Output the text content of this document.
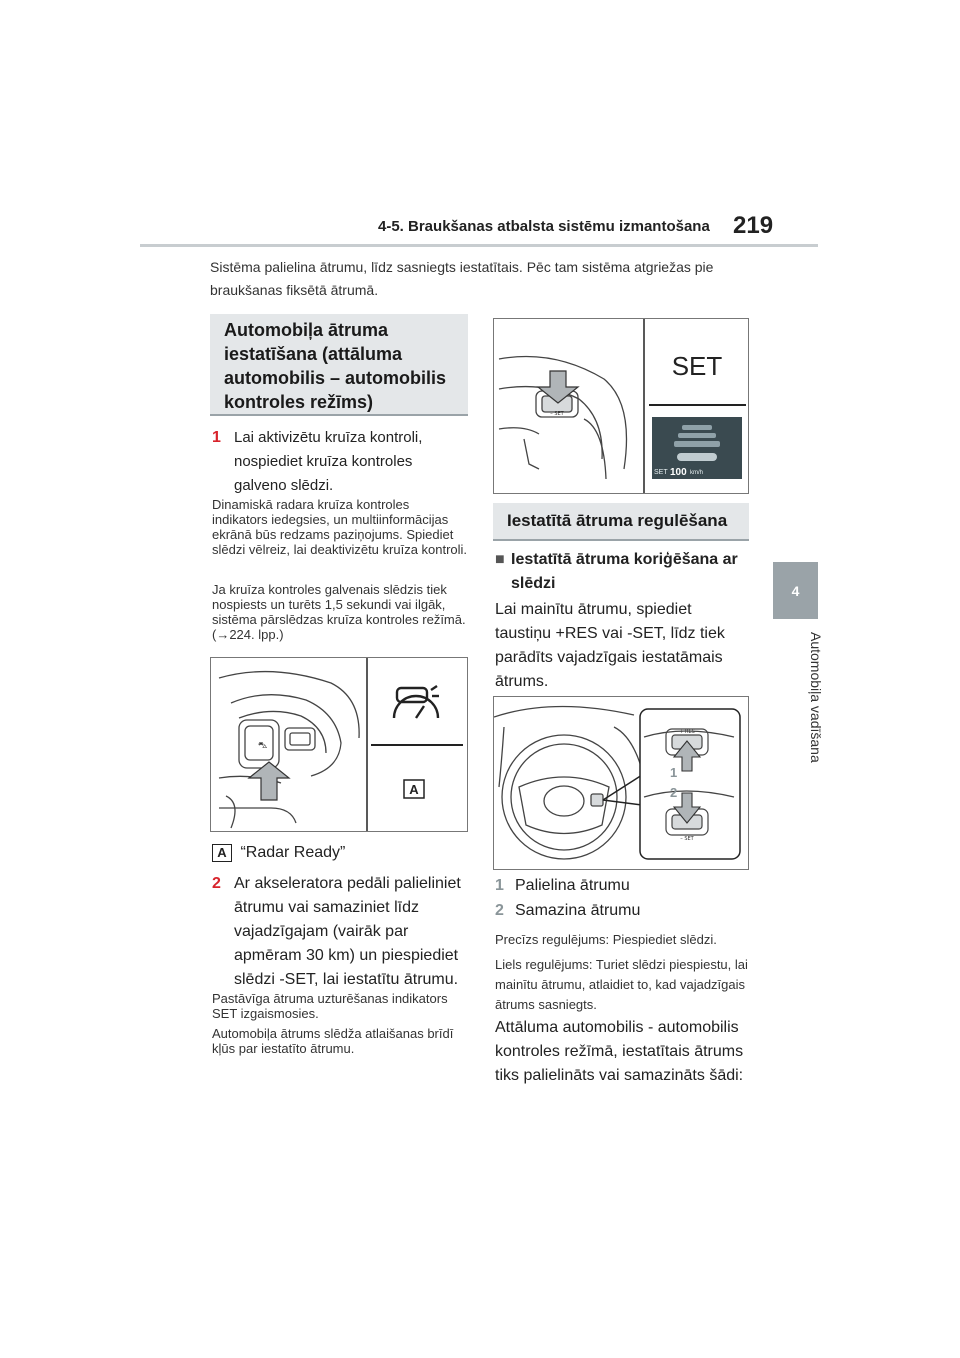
4-5. Braukšanas atbalsta sistēmu izmantošana 219
4
Automobiļa vadīšana
Sistēma palielina ātrumu, līdz sasniegts iestatītais. Pēc tam sistēma atgriežas pie braukšanas fiksētā ātrumā.
Automobiļa ātruma iestatīšana (attāluma automobilis – automobilis kontroles režīms)
1 Lai aktivizētu kruīza kontroli, nospiediet kruīza kontroles galveno slēdzi.
Dinamiskā radara kruīza kontroles indikators iedegsies, un multiinformācijas ekrānā būs redzams paziņojums. Spiediet slēdzi vēlreiz, lai deaktivizētu kruīza kontroli.
Ja kruīza kontroles galvenais slēdzis tiek nospiests un turēts 1,5 sekundi vai ilgāk, sistēma pārslēdzas kruīza kontroles režīmā. (→224. lpp.)
⛍
A
A “Radar Ready”
2 Ar akseleratora pedāli palieliniet ātrumu vai samaziniet līdz vajadzīgajam (vairāk par apmēram 30 km) un piespiediet slēdzi -SET, lai iestatītu ātrumu.
Pastāvīga ātruma uzturēšanas indikators SET izgaismosies.
Automobiļa ātrums slēdža atlaišanas brīdī kļūs par iestatīto ātrumu.
– SET
SET
SET 100 km/h
Iestatītā ātruma regulēšana
■ Iestatītā ātruma koriģēšana ar slēdzi
Lai mainītu ātrumu, spiediet taustiņu +RES vai -SET, līdz tiek parādīts vajadzīgais iestatāmais ātrums.
+ RES
– SET
1
2
1 Palielina ātrumu
2 Samazina ātrumu
Precīzs regulējums: Piespiediet slēdzi.
Liels regulējums: Turiet slēdzi piespiestu, lai mainītu ātrumu, atlaidiet to, kad vajadzīgais ātrums sasniegts.
Attāluma automobilis - automobilis kontroles režīmā, iestatītais ātrums tiks palielināts vai samazināts šādi:
